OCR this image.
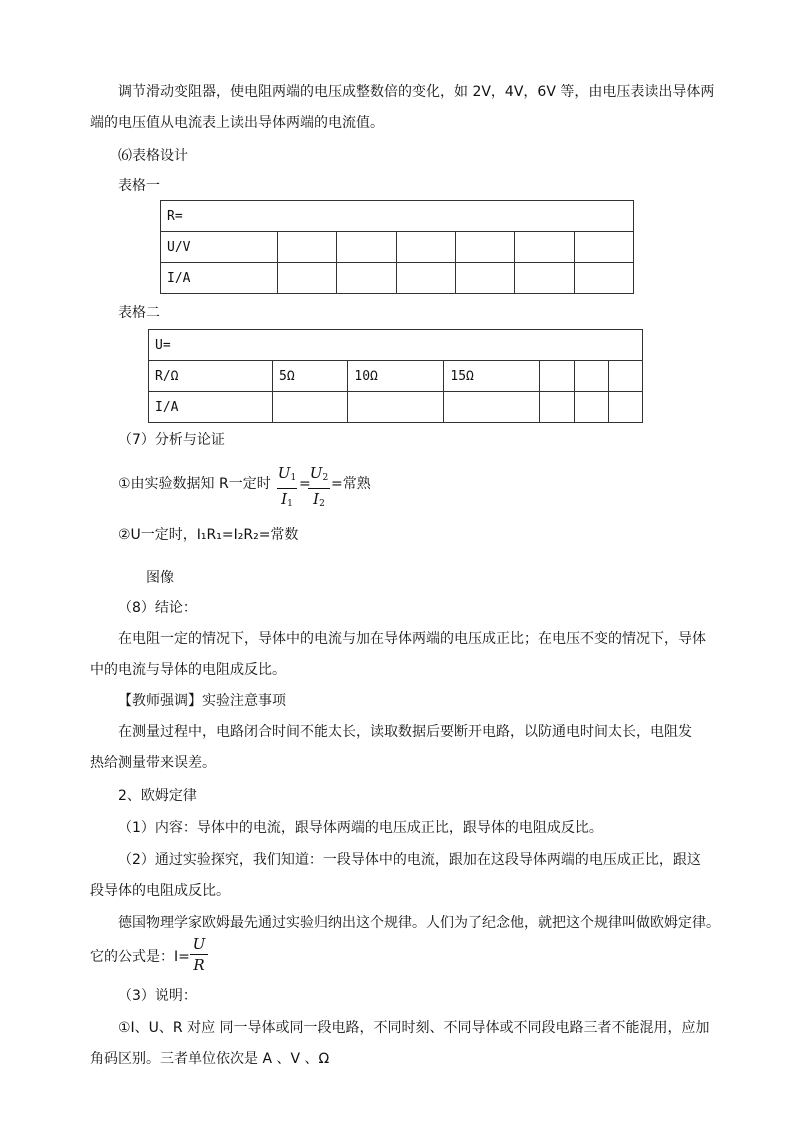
调节滑动变阻器，使电阻两端的电压成整数倍的变化，如 2V，4V，6V 等，由电压表读出导体两
端的电压值从电流表上读出导体两端的电流值。
⑹表格设计
表格一
R=						
U/V						
I/A						
表格二
U=						
R/Ω	5Ω	10Ω	15Ω			
I/A						
（7）分析与论证
①由实验数据知 R一定时
$U_1$
$I_1$
=
$U_2$
$I_2$
=常熟
②U一定时，I₁R₁=I₂R₂=常数
图像
（8）结论：
在电阻一定的情况下，导体中的电流与加在导体两端的电压成正比；在电压不变的情况下，导体
中的电流与导体的电阻成反比。
【教师强调】实验注意事项
在测量过程中，电路闭合时间不能太长，读取数据后要断开电路，以防通电时间太长，电阻发
热给测量带来误差。
2、欧姆定律
（1）内容：导体中的电流，跟导体两端的电压成正比，跟导体的电阻成反比。
（2）通过实验探究，我们知道：一段导体中的电流，跟加在这段导体两端的电压成正比，跟这
段导体的电阻成反比。
德国物理学家欧姆最先通过实验归纳出这个规律。人们为了纪念他，就把这个规律叫做欧姆定律。
它的公式是：I=
U
R
（3）说明：
①I、U、R 对应 同一导体或同一段电路，不同时刻、不同导体或不同段电路三者不能混用，应加
角码区别。三者单位依次是 A 、V 、Ω
